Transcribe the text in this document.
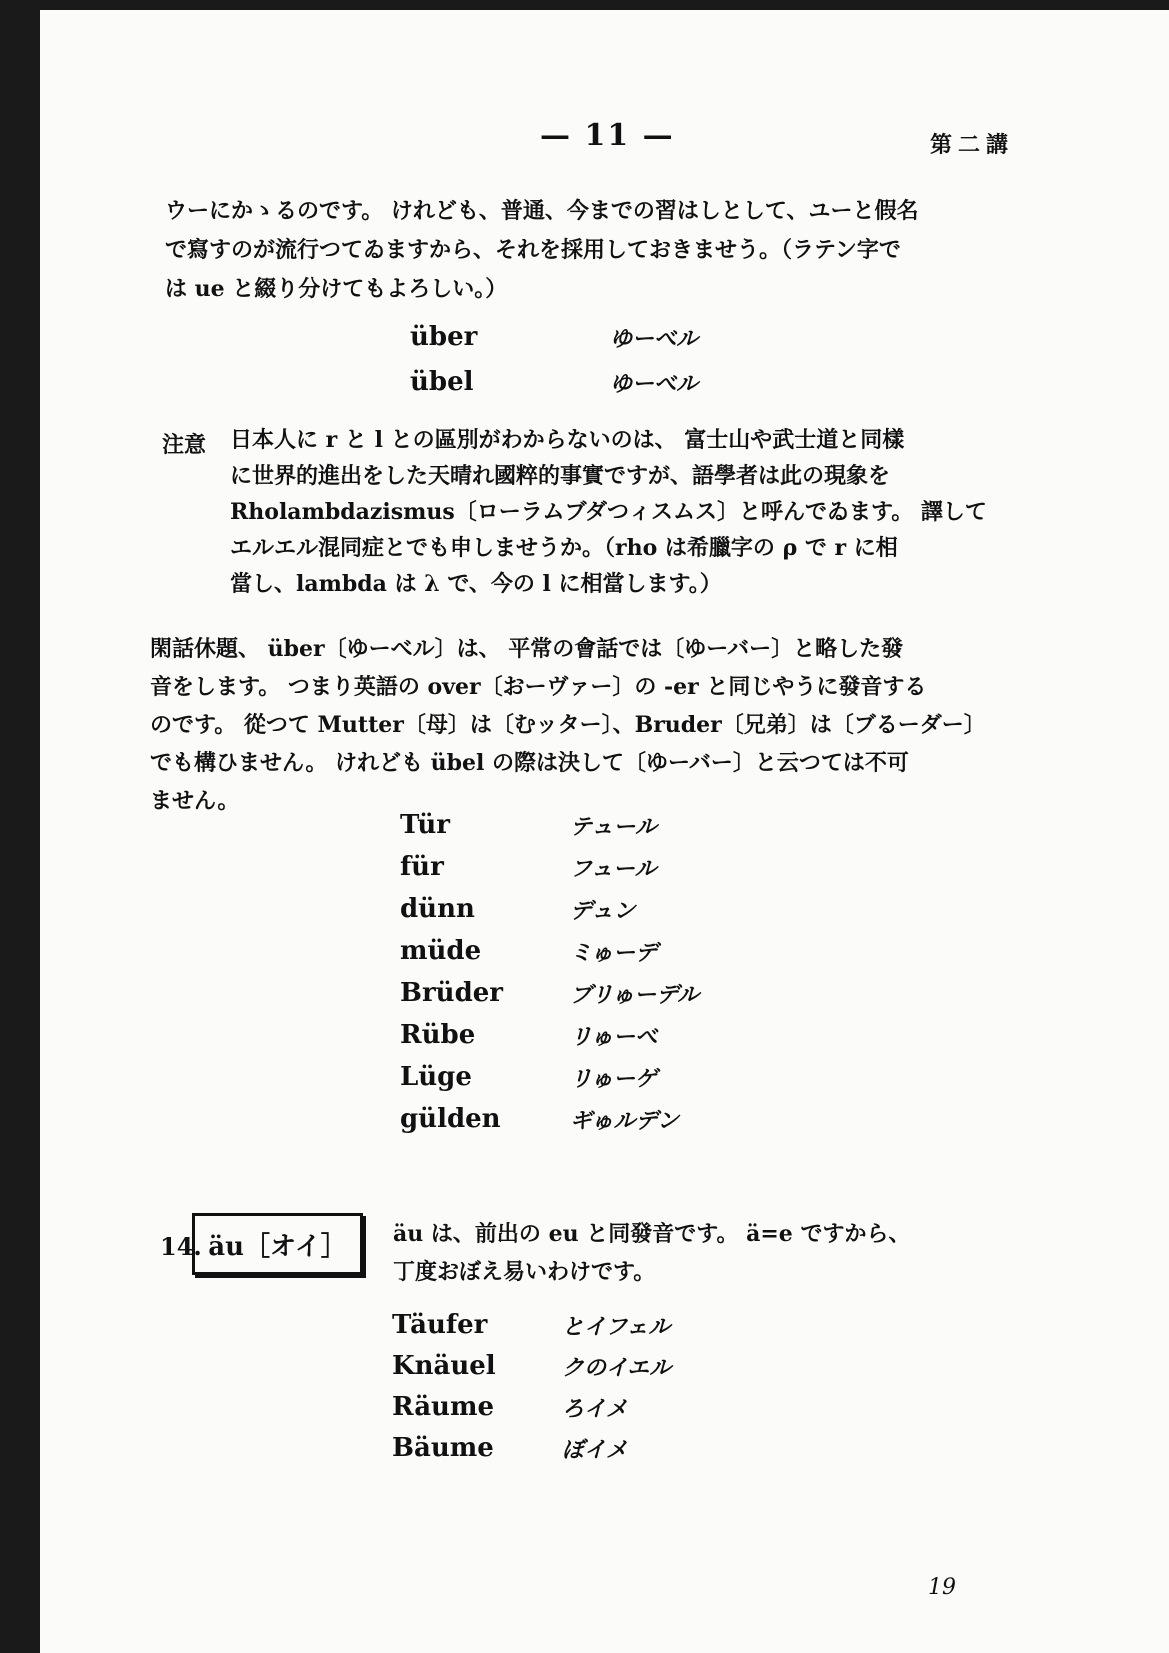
— 11 —	第二講
ウーにかゝるのです。 けれども、普通、今までの習はしとして、ユーと假名
で寫すのが流行つてゐますから、それを採用しておきませう。（ラテン字で
は ue と綴り分けてもよろしい。）
über	ゆーべル
übel	ゆーべル
注意 日本人に r と l との區別がわからないのは、 富士山や武士道と同樣
に世界的進出をした天晴れ國粹的事實ですが、語學者は此の現象を
Rholambdazismus〔ローラムブダつィスムス〕と呼んでゐます。 譯して
エルエル混同症とでも申しませうか。（rho は希臘字の ρ で r に相
當し、lambda は λ で、今の l に相當します。）
閑話休題、 über〔ゆーべル〕は、 平常の會話では〔ゆーバー〕と略した發
音をします。 つまり英語の over〔おーヴァー〕の -er と同じやうに發音する
のです。 從つて Mutter〔母〕は〔むッター〕、Bruder〔兄弟〕は〔ブるーダー〕
でも構ひません。 けれども übel の際は決して〔ゆーバー〕と云つては不可
ません。
Tür	テュール
für	フュール
dünn	デュン
müde	ミゅーデ
Brüder	ブリゅーデル
Rübe	リゅーべ
Lüge	リゅーゲ
gülden	ギゅルデン
14. äu［オイ］ äu は、前出の eu と同發音です。 ä=e ですから、
丁度おぼえ易いわけです。
Täufer	とイフェル
Knäuel	クのイエル
Räume	ろイメ
Bäume	ぼイメ
19
